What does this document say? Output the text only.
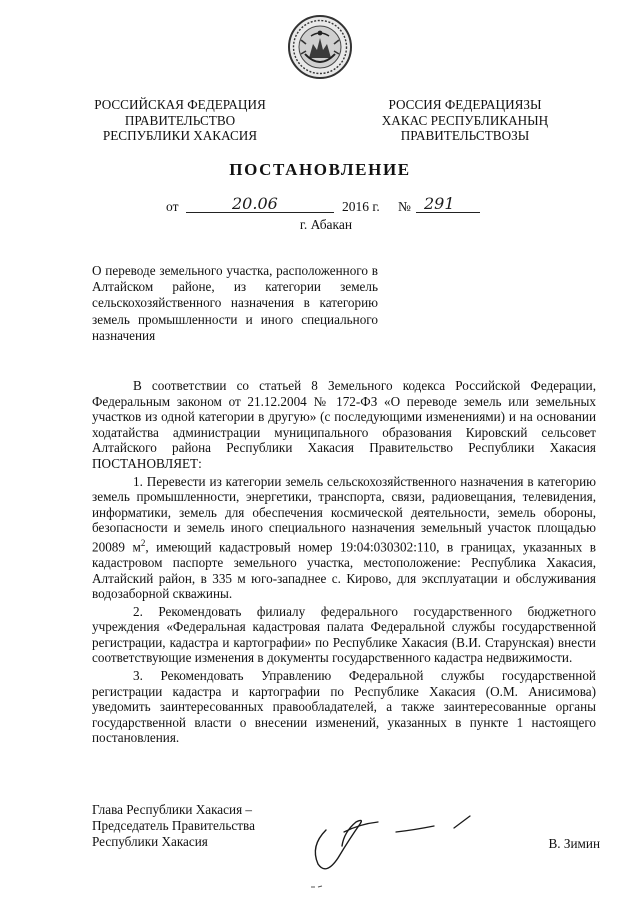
РОССИЙСКАЯ ФЕДЕРАЦИЯ
ПРАВИТЕЛЬСТВО
РЕСПУБЛИКИ ХАКАСИЯ
РОССИЯ ФЕДЕРАЦИЯЗЫ
ХАКАС РЕСПУБЛИКАНЫҢ
ПРАВИТЕЛЬСТВОЗЫ
ПОСТАНОВЛЕНИЕ
от	20.06	2016 г. № 291
г. Абакан
О переводе земельного участка, расположенного в Алтайском районе, из категории земель сельскохозяйственного назначения в категорию земель промышленности и иного специального назначения

В соответствии со статьей 8 Земельного кодекса Российской Федерации, Федеральным законом от 21.12.2004 № 172-ФЗ «О переводе земель или земельных участков из одной категории в другую» (с последующими изменениями) и на основании ходатайства администрации муниципального образования Кировский сельсовет Алтайского района Республики Хакасия Правительство Республики Хакасия ПОСТАНОВЛЯЕТ:

1. Перевести из категории земель сельскохозяйственного назначения в категорию земель промышленности, энергетики, транспорта, связи, радиовещания, телевидения, информатики, земель для обеспечения космической деятельности, земель обороны, безопасности и земель иного специального назначения земельный участок площадью 20089 $м^2$, имеющий кадастровый номер 19:04:030302:110, в границах, указанных в кадастровом паспорте земельного участка, местоположение: Республика Хакасия, Алтайский район, в 335 м юго-западнее с. Кирово, для эксплуатации и обслуживания водозаборной скважины.

2. Рекомендовать филиалу федерального государственного бюджетного учреждения «Федеральная кадастровая палата Федеральной службы государственной регистрации, кадастра и картографии» по Республике Хакасия (В.И. Старунская) внести соответствующие изменения в документы государственного кадастра недвижимости.

3. Рекомендовать Управлению Федеральной службы государственной регистрации кадастра и картографии по Республике Хакасия (О.М. Анисимова) уведомить заинтересованных правообладателей, а также заинтересованные органы государственной власти о внесении изменений, указанных в пункте 1 настоящего постановления.

Глава Республики Хакасия –
Председатель Правительства
Республики Хакасия	В. Зимин
